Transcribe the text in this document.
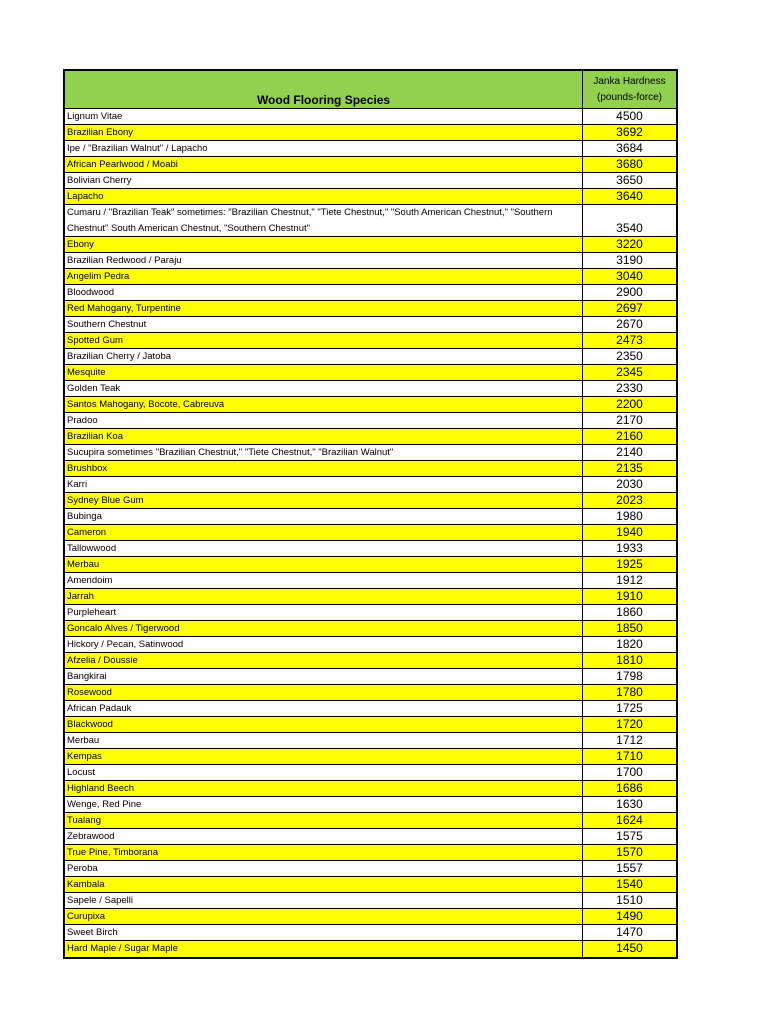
Wood Flooring Species
Janka Hardness
(pounds-force)
Lignum Vitae	4500
Brazilian Ebony	3692
Ipe / "Brazilian Walnut" / Lapacho	3684
African Pearlwood / Moabi	3680
Bolivian Cherry	3650
Lapacho	3640
Cumaru / "Brazilian Teak" sometimes: "Brazilian Chestnut," "Tiete Chestnut," "South American Chestnut," "Southern Chestnut" South American Chestnut, "Southern Chestnut"	3540
Ebony	3220
Brazilian Redwood / Paraju	3190
Angelim Pedra	3040
Bloodwood	2900
Red Mahogany, Turpentine	2697
Southern Chestnut	2670
Spotted Gum	2473
Brazilian Cherry / Jatoba	2350
Mesquite	2345
Golden Teak	2330
Santos Mahogany, Bocote, Cabreuva	2200
Pradoo	2170
Brazilian Koa	2160
Sucupira sometimes "Brazilian Chestnut," "Tiete Chestnut," "Brazilian Walnut"	2140
Brushbox	2135
Karri	2030
Sydney Blue Gum	2023
Bubinga	1980
Cameron	1940
Tallowwood	1933
Merbau	1925
Amendoim	1912
Jarrah	1910
Purpleheart	1860
Goncalo Alves / Tigerwood	1850
Hickory / Pecan, Satinwood	1820
Afzelia / Doussie	1810
Bangkirai	1798
Rosewood	1780
African Padauk	1725
Blackwood	1720
Merbau	1712
Kempas	1710
Locust	1700
Highland Beech	1686
Wenge, Red Pine	1630
Tualang	1624
Zebrawood	1575
True Pine, Timborana	1570
Peroba	1557
Kambala	1540
Sapele / Sapelli	1510
Curupixa	1490
Sweet Birch	1470
Hard Maple / Sugar Maple	1450
